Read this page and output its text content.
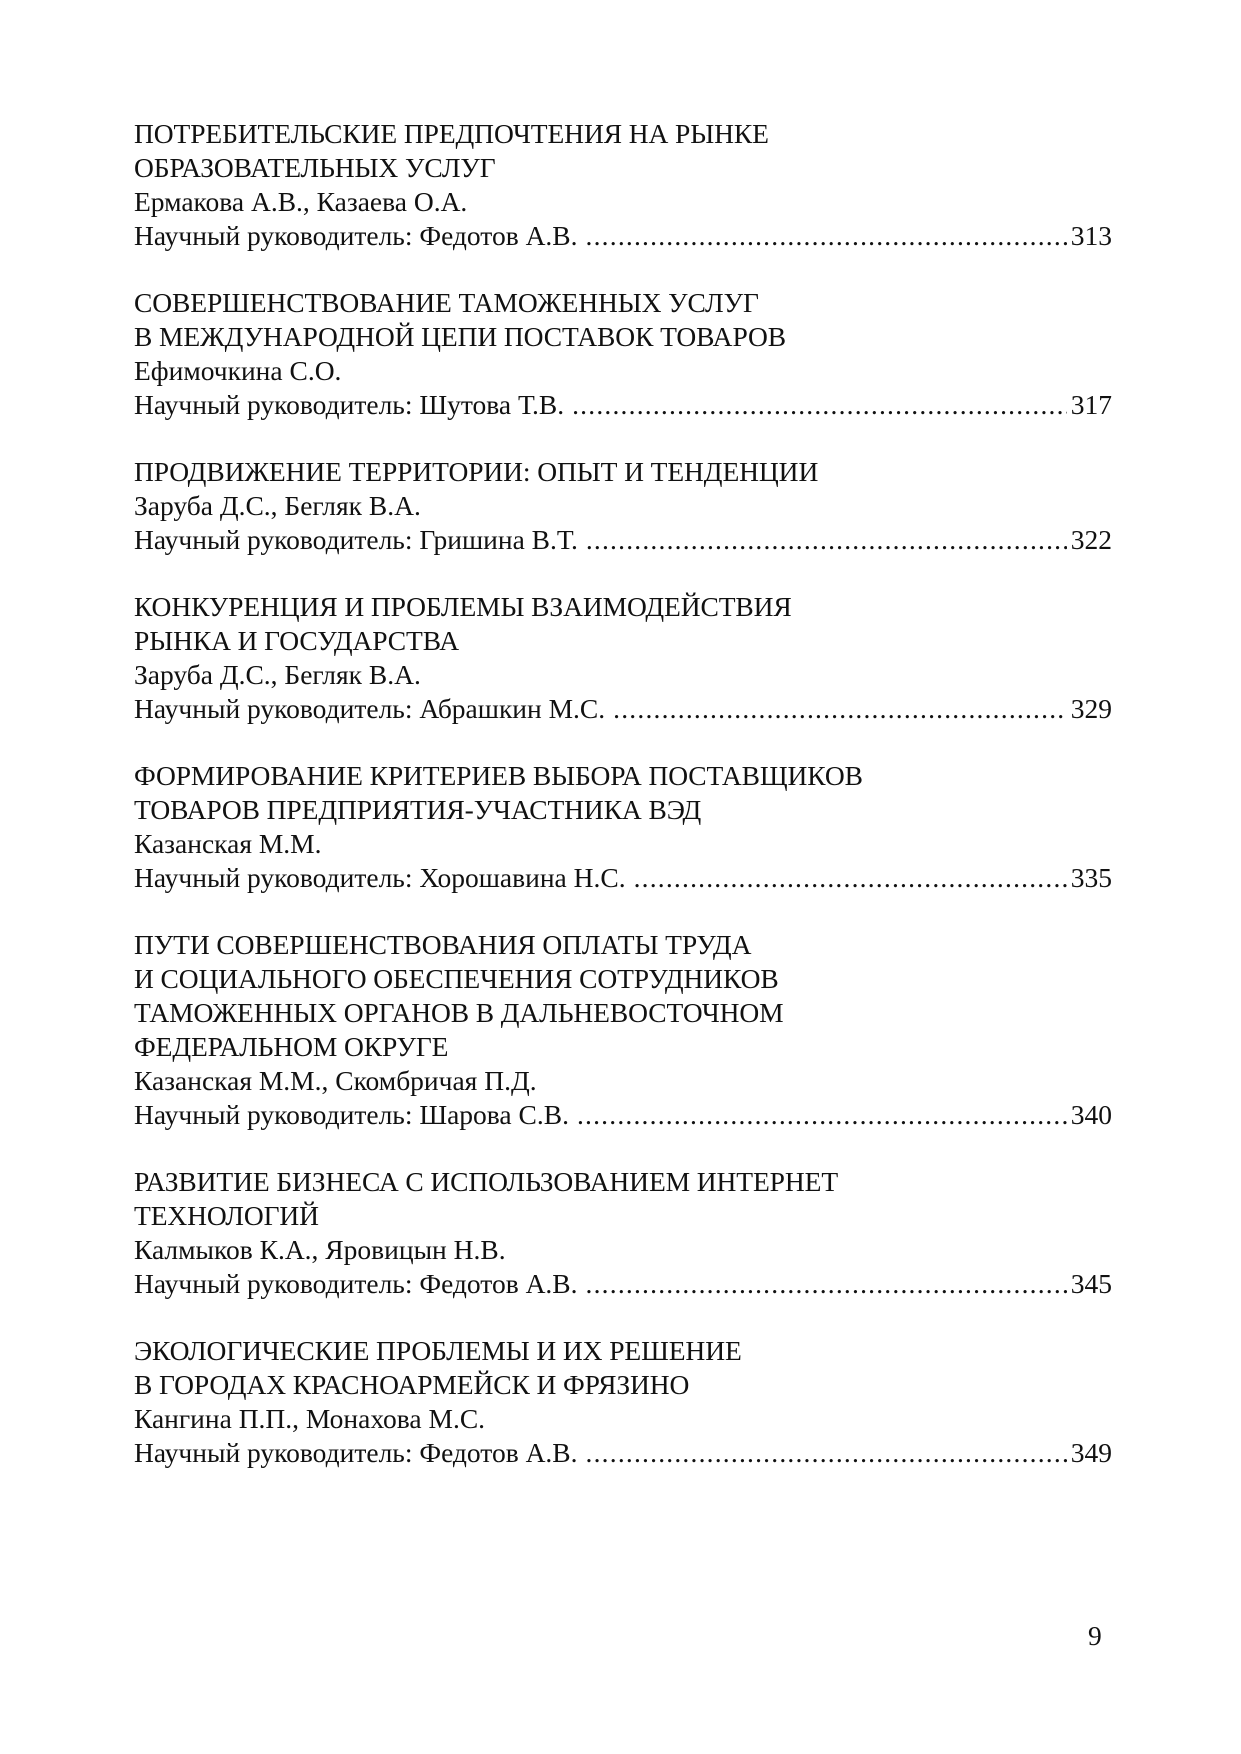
ПОТРЕБИТЕЛЬСКИЕ ПРЕДПОЧТЕНИЯ НА РЫНКЕ
ОБРАЗОВАТЕЛЬНЫХ УСЛУГ
Ермакова А.В., Казаева О.А.
Научный руководитель: Федотов А.В. .....	313
СОВЕРШЕНСТВОВАНИЕ ТАМОЖЕННЫХ УСЛУГ
В МЕЖДУНАРОДНОЙ ЦЕПИ ПОСТАВОК ТОВАРОВ
Ефимочкина С.О.
Научный руководитель: Шутова Т.В. .....	317
ПРОДВИЖЕНИЕ ТЕРРИТОРИИ: ОПЫТ И ТЕНДЕНЦИИ
Заруба Д.С., Бегляк В.А.
Научный руководитель: Гришина В.Т. .....	322
КОНКУРЕНЦИЯ И ПРОБЛЕМЫ ВЗАИМОДЕЙСТВИЯ
РЫНКА И ГОСУДАРСТВА
Заруба Д.С., Бегляк В.А.
Научный руководитель: Абрашкин М.С. .....	329
ФОРМИРОВАНИЕ КРИТЕРИЕВ ВЫБОРА ПОСТАВЩИКОВ
ТОВАРОВ ПРЕДПРИЯТИЯ-УЧАСТНИКА ВЭД
Казанская М.М.
Научный руководитель: Хорошавина Н.С. .....	335
ПУТИ СОВЕРШЕНСТВОВАНИЯ ОПЛАТЫ ТРУДА
И СОЦИАЛЬНОГО ОБЕСПЕЧЕНИЯ СОТРУДНИКОВ
ТАМОЖЕННЫХ ОРГАНОВ В ДАЛЬНЕВОСТОЧНОМ
ФЕДЕРАЛЬНОМ ОКРУГЕ
Казанская М.М., Скомбричая П.Д.
Научный руководитель: Шарова С.В. .....	340
РАЗВИТИЕ БИЗНЕСА С ИСПОЛЬЗОВАНИЕМ ИНТЕРНЕТ
ТЕХНОЛОГИЙ
Калмыков К.А., Яровицын Н.В.
Научный руководитель: Федотов А.В. .....	345
ЭКОЛОГИЧЕСКИЕ ПРОБЛЕМЫ И ИХ РЕШЕНИЕ
В ГОРОДАХ КРАСНОАРМЕЙСК И ФРЯЗИНО
Кангина П.П., Монахова М.С.
Научный руководитель: Федотов А.В. .....	349
9
